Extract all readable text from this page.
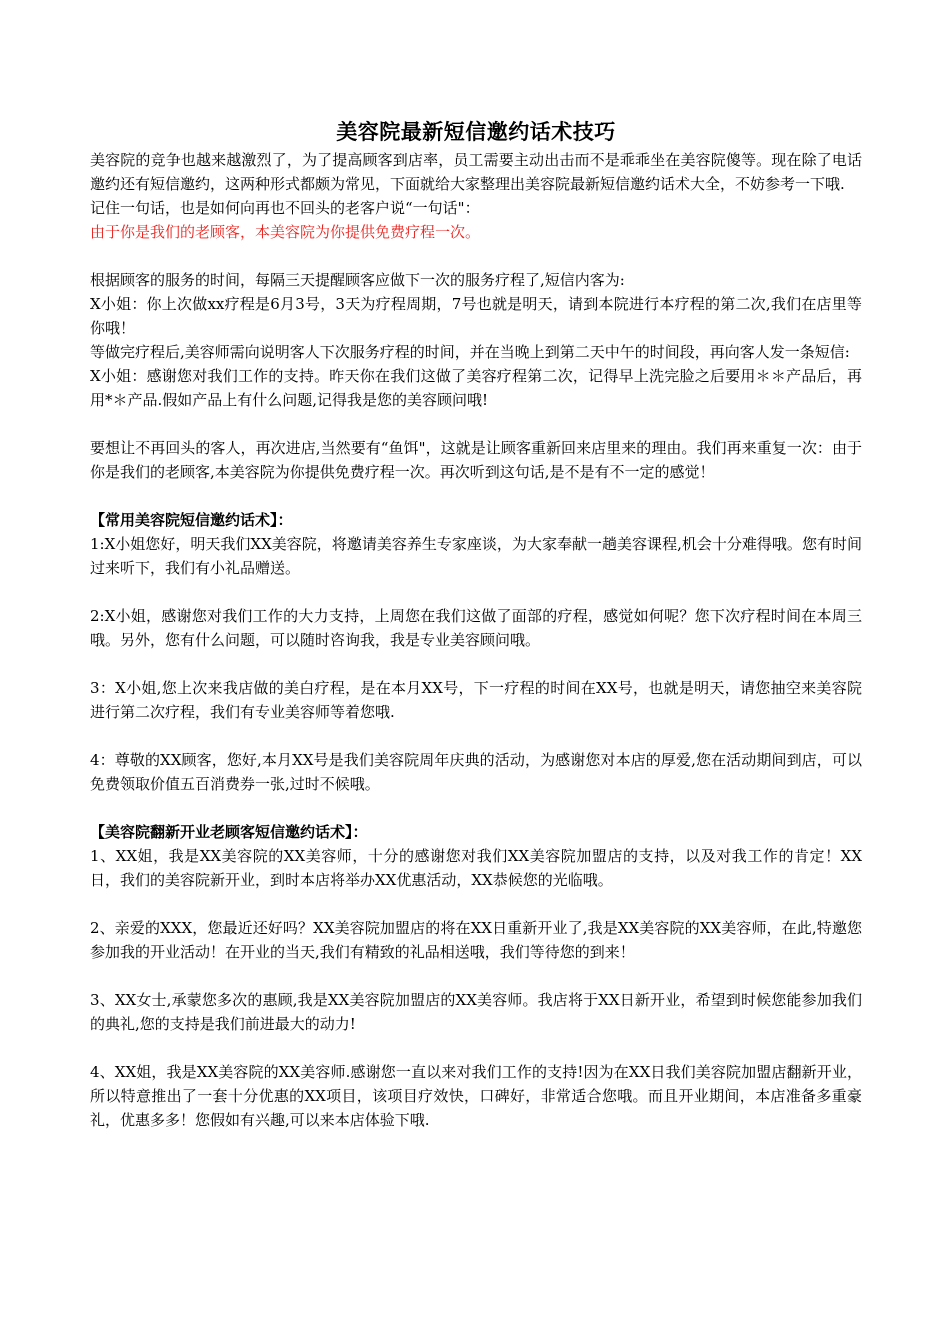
美容院最新短信邀约话术技巧

美容院的竞争也越来越激烈了，为了提高顾客到店率，员工需要主动出击而不是乖乖坐在美容院傻等。现在除了电话邀约还有短信邀约，这两种形式都颇为常见，下面就给大家整理出美容院最新短信邀约话术大全，不妨参考一下哦.

记住一句话，也是如何向再也不回头的老客户说“一句话"：

由于你是我们的老顾客，本美容院为你提供免费疗程一次。

根据顾客的服务的时间，每隔三天提醒顾客应做下一次的服务疗程了,短信内客为:

X小姐：你上次做xx疗程是6月3号，3天为疗程周期，7号也就是明天，请到本院进行本疗程的第二次,我们在店里等你哦！

等做完疗程后,美容师需向说明客人下次服务疗程的时间，并在当晚上到第二天中午的时间段，再向客人发一条短信:

X小姐：感谢您对我们工作的支持。昨天你在我们这做了美容疗程第二次，记得早上洗完脸之后要用＊＊产品后，再用*＊产品.假如产品上有什么问题,记得我是您的美容顾问哦!

要想让不再回头的客人，再次进店,当然要有“鱼饵"，这就是让顾客重新回来店里来的理由。我们再来重复一次：由于你是我们的老顾客,本美容院为你提供免费疗程一次。再次听到这句话,是不是有不一定的感觉！

【常用美容院短信邀约话术】：

1:X小姐您好，明天我们XX美容院，将邀请美容养生专家座谈，为大家奉献一趟美容课程,机会十分难得哦。您有时间过来听下，我们有小礼品赠送。

2:X小姐，感谢您对我们工作的大力支持，上周您在我们这做了面部的疗程，感觉如何呢？您下次疗程时间在本周三哦。另外，您有什么问题，可以随时咨询我，我是专业美容顾问哦。

3：X小姐,您上次来我店做的美白疗程，是在本月XX号，下一疗程的时间在XX号，也就是明天，请您抽空来美容院进行第二次疗程，我们有专业美容师等着您哦.

4：尊敬的XX顾客，您好,本月XX号是我们美容院周年庆典的活动，为感谢您对本店的厚爱,您在活动期间到店，可以免费领取价值五百消费券一张,过时不候哦。

【美容院翻新开业老顾客短信邀约话术】：

1、XX姐，我是XX美容院的XX美容师，十分的感谢您对我们XX美容院加盟店的支持，以及对我工作的肯定！XX日，我们的美容院新开业，到时本店将举办XX优惠活动，XX恭候您的光临哦。

2、亲爱的XXX，您最近还好吗？XX美容院加盟店的将在XX日重新开业了,我是XX美容院的XX美容师，在此,特邀您参加我的开业活动！在开业的当天,我们有精致的礼品相送哦，我们等待您的到来！

3、XX女士,承蒙您多次的惠顾,我是XX美容院加盟店的XX美容师。我店将于XX日新开业，希望到时候您能参加我们的典礼,您的支持是我们前进最大的动力!

4、XX姐，我是XX美容院的XX美容师.感谢您一直以来对我们工作的支持!因为在XX日我们美容院加盟店翻新开业，所以特意推出了一套十分优惠的XX项目，该项目疗效快，口碑好，非常适合您哦。而且开业期间，本店准备多重豪礼，优惠多多！您假如有兴趣,可以来本店体验下哦.
